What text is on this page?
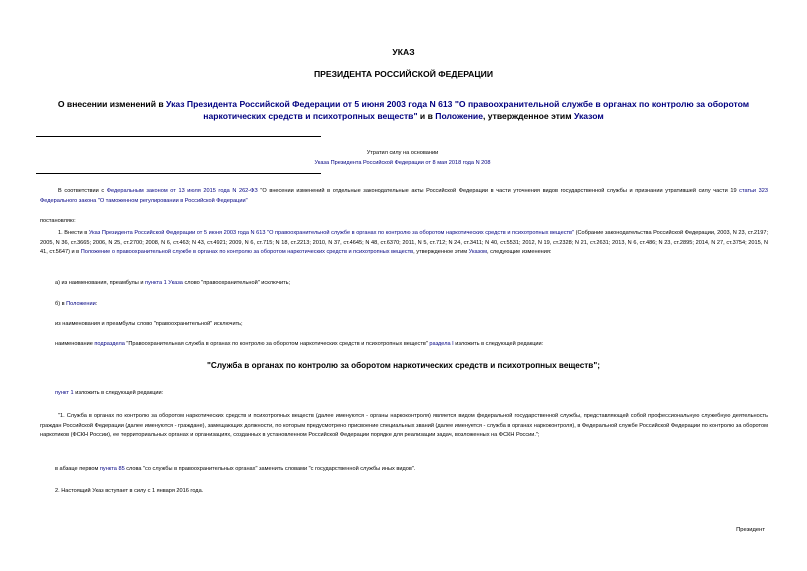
УКАЗ
ПРЕЗИДЕНТА РОССИЙСКОЙ ФЕДЕРАЦИИ
О внесении изменений в Указ Президента Российской Федерации от 5 июня 2003 года N 613 "О правоохранительной службе в органах по контролю за оборотом наркотических средств и психотропных веществ" и в Положение, утвержденное этим Указом
Утратил силу на основании
Указа Президента Российской Федерации от 8 мая 2018 года N 208
В соответствии с Федеральным законом от 13 июля 2015 года N 262-ФЗ "О внесении изменений в отдельные законодательные акты Российской Федерации в части уточнения видов государственной службы и признании утратившей силу части 19 статьи 323 Федерального закона "О таможенном регулировании в Российской Федерации"
постановляю:
1. Внести в Указ Президента Российской Федерации от 5 июня 2003 года N 613 "О правоохранительной службе в органах по контролю за оборотом наркотических средств и психотропных веществ" (Собрание законодательства Российской Федерации, 2003, N 23, ст.2197; 2005, N 36, ст.3665; 2006, N 25, ст.2700; 2008, N 6, ст.463; N 43, ст.4921; 2009, N 6, ст.715; N 18, ст.2213; 2010, N 37, ст.4645; N 48, ст.6370; 2011, N 5, ст.712; N 24, ст.3411; N 40, ст.5531; 2012, N 19, ст.2328; N 21, ст.2631; 2013, N 6, ст.486; N 23, ст.2895; 2014, N 27, ст.3754; 2015, N 41, ст.5647) и в Положение о правоохранительной службе в органах по контролю за оборотом наркотических средств и психотропных веществ, утвержденное этим Указом, следующие изменения:
а) из наименования, преамбулы и пункта 1 Указа слово "правоохранительной" исключить;
б) в Положении:
из наименования и преамбулы слово "правоохранительной" исключить;
наименование подраздела "Правоохранительная служба в органах по контролю за оборотом наркотических средств и психотропных веществ" раздела I изложить в следующей редакции:
"Служба в органах по контролю за оборотом наркотических средств и психотропных веществ";
пункт 1 изложить в следующей редакции:
"1. Служба в органах по контролю за оборотом наркотических средств и психотропных веществ (далее именуются - органы наркоконтроля) является видом федеральной государственной службы, представляющей собой профессиональную служебную деятельность граждан Российской Федерации (далее именуются - граждане), замещающих должности, по которым предусмотрено присвоение специальных званий (далее именуется - служба в органах наркоконтроля), в Федеральной службе Российской Федерации по контролю за оборотом наркотиков (ФСКН России), ее территориальных органах и организациях, созданных в установленном Российской Федерации порядке для реализации задач, возложенных на ФСКН России.";
в абзаце первом пункта 85 слова "со службы в правоохранительных органах" заменить словами "с государственной службы иных видов".
2. Настоящий Указ вступает в силу с 1 января 2016 года.
Президент
